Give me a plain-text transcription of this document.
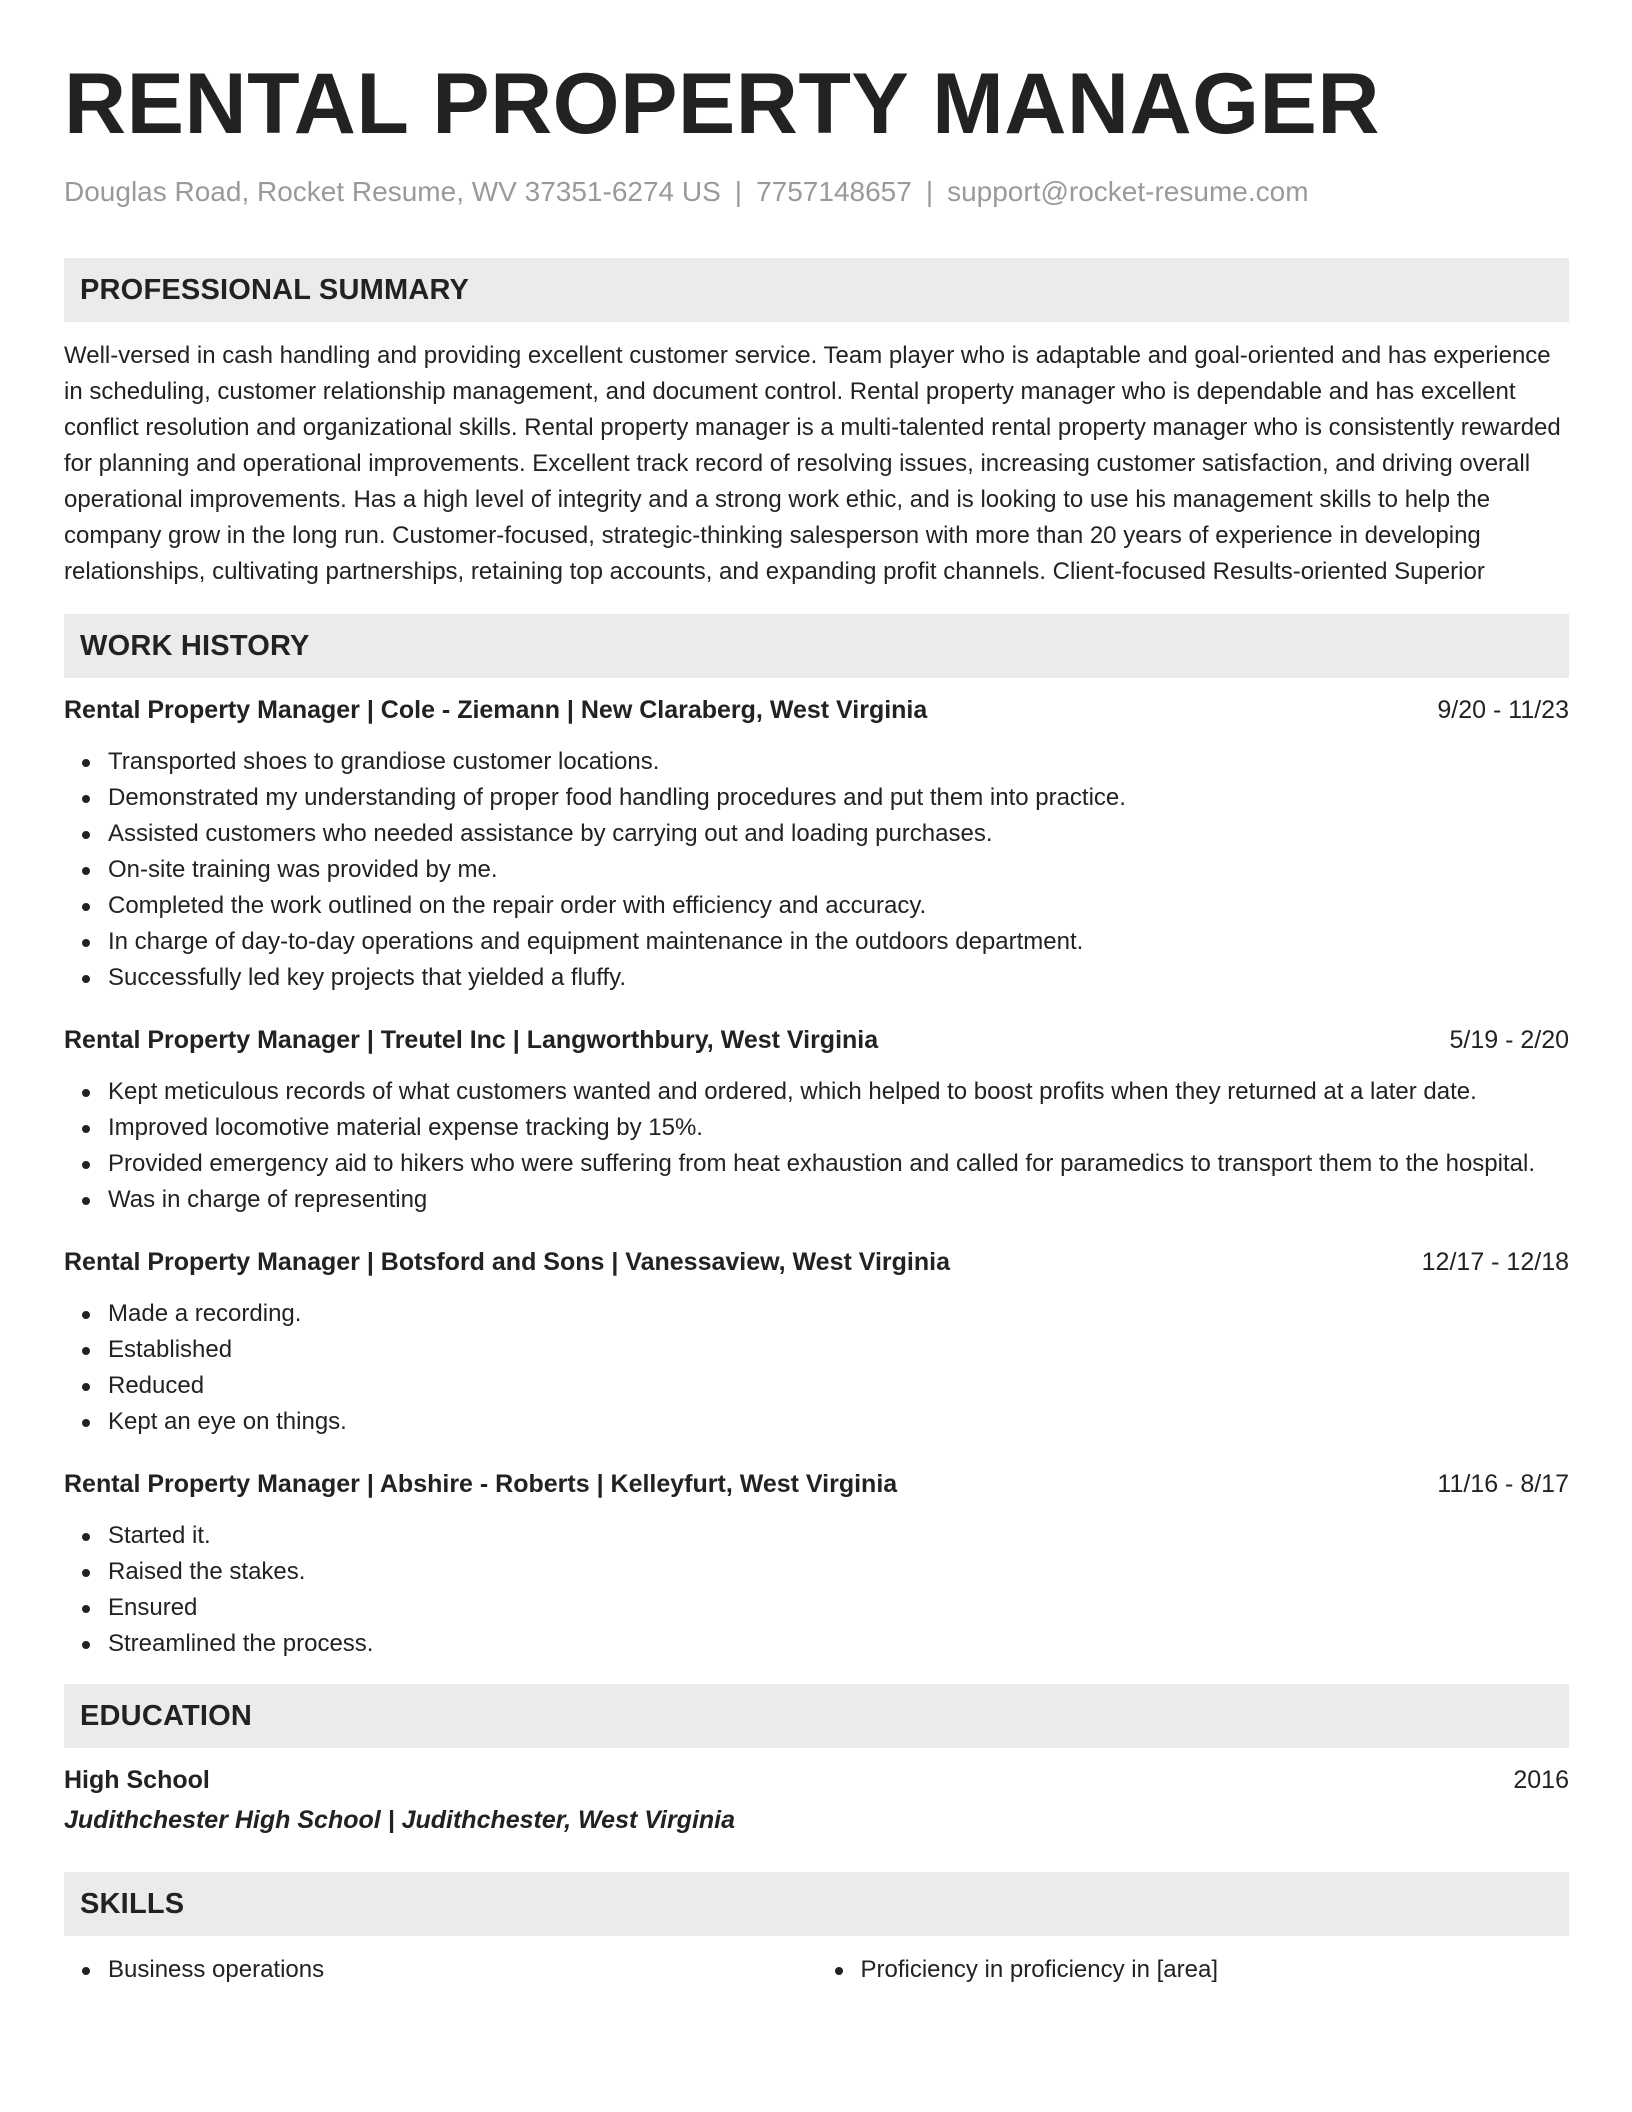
RENTAL PROPERTY MANAGER
Douglas Road, Rocket Resume, WV 37351-6274 US | 7757148657 | support@rocket-resume.com
PROFESSIONAL SUMMARY

Well-versed in cash handling and providing excellent customer service. Team player who is adaptable and goal-oriented and has experience in scheduling, customer relationship management, and document control. Rental property manager who is dependable and has excellent conflict resolution and organizational skills. Rental property manager is a multi-talented rental property manager who is consistently rewarded for planning and operational improvements. Excellent track record of resolving issues, increasing customer satisfaction, and driving overall operational improvements. Has a high level of integrity and a strong work ethic, and is looking to use his management skills to help the company grow in the long run. Customer-focused, strategic-thinking salesperson with more than 20 years of experience in developing relationships, cultivating partnerships, retaining top accounts, and expanding profit channels. Client-focused Results-oriented Superior

WORK HISTORY
Rental Property Manager | Cole - Ziemann | New Claraberg, West Virginia	9/20 - 11/23
Transported shoes to grandiose customer locations.
Demonstrated my understanding of proper food handling procedures and put them into practice.
Assisted customers who needed assistance by carrying out and loading purchases.
On-site training was provided by me.
Completed the work outlined on the repair order with efficiency and accuracy.
In charge of day-to-day operations and equipment maintenance in the outdoors department.
Successfully led key projects that yielded a fluffy.
Rental Property Manager | Treutel Inc | Langworthbury, West Virginia	5/19 - 2/20
Kept meticulous records of what customers wanted and ordered, which helped to boost profits when they returned at a later date.
Improved locomotive material expense tracking by 15%.
Provided emergency aid to hikers who were suffering from heat exhaustion and called for paramedics to transport them to the hospital.
Was in charge of representing
Rental Property Manager | Botsford and Sons | Vanessaview, West Virginia	12/17 - 12/18
Made a recording.
Established
Reduced
Kept an eye on things.
Rental Property Manager | Abshire - Roberts | Kelleyfurt, West Virginia	11/16 - 8/17
Started it.
Raised the stakes.
Ensured
Streamlined the process.
EDUCATION
High School	2016
Judithchester High School | Judithchester, West Virginia
SKILLS
Business operations	Proficiency in proficiency in [area]
